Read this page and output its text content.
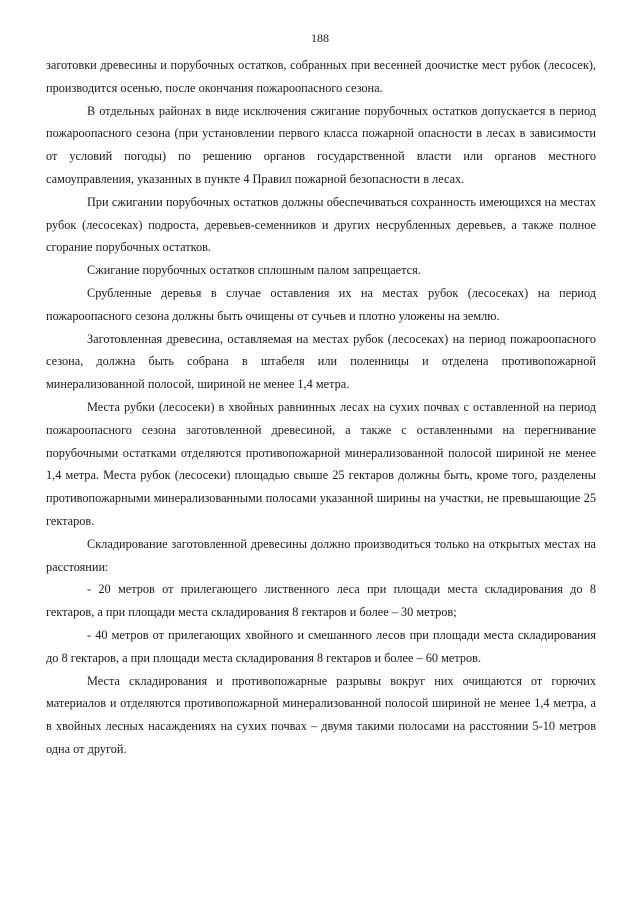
188

заготовки древесины и порубочных остатков, собранных при весенней доочистке мест рубок (лесосек), производится осенью, после окончания пожароопасного сезона.

В отдельных районах в виде исключения сжигание порубочных остатков допускается в период пожароопасного сезона (при установлении первого класса пожарной опасности в лесах в зависимости от условий погоды) по решению органов государственной власти или органов местного самоуправления, указанных в пункте 4 Правил пожарной безопасности в лесах.

При сжигании порубочных остатков должны обеспечиваться сохранность имеющихся на местах рубок (лесосеках) подроста, деревьев-семенников и других несрубленных деревьев, а также полное сгорание порубочных остатков.

Сжигание порубочных остатков сплошным палом запрещается.

Срубленные деревья в случае оставления их на местах рубок (лесосеках) на период пожароопасного сезона должны быть очищены от сучьев и плотно уложены на землю.

Заготовленная древесина, оставляемая на местах рубок (лесосеках) на период пожароопасного сезона, должна быть собрана в штабеля или поленницы и отделена противопожарной минерализованной полосой, шириной не менее 1,4 метра.

Места рубки (лесосеки) в хвойных равнинных лесах на сухих почвах с оставленной на период пожароопасного сезона заготовленной древесиной, а также с оставленными на перегнивание порубочными остатками отделяются противопожарной минерализованной полосой шириной не менее 1,4 метра. Места рубок (лесосеки) площадью свыше 25 гектаров должны быть, кроме того, разделены противопожарными минерализованными полосами указанной ширины на участки, не превышающие 25 гектаров.

Складирование заготовленной древесины должно производиться только на открытых местах на расстоянии:

- 20 метров от прилегающего лиственного леса при площади места складирования до 8 гектаров, а при площади места складирования 8 гектаров и более – 30 метров;

- 40 метров от прилегающих хвойного и смешанного лесов при площади места складирования до 8 гектаров, а при площади места складирования 8 гектаров и более – 60 метров.

Места складирования и противопожарные разрывы вокруг них очищаются от горючих материалов и отделяются противопожарной минерализованной полосой шириной не менее 1,4 метра, а в хвойных лесных насаждениях на сухих почвах – двумя такими полосами на расстоянии 5-10 метров одна от другой.
